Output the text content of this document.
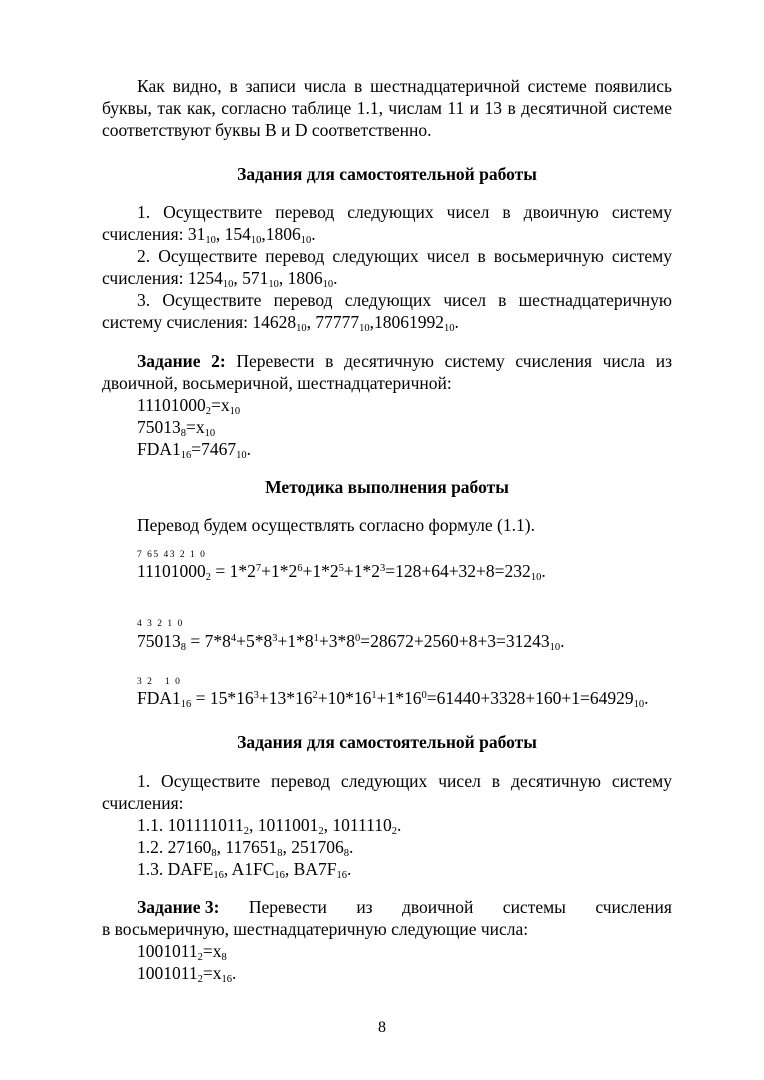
Как видно, в записи числа в шестнадцатеричной системе появились

буквы, так как, согласно таблице 1.1, числам 11 и 13 в десятичной системе

соответствуют буквы B и D соответственно.

Задания для самостоятельной работы

1. Осуществите перевод следующих чисел в двоичную систему

счисления: $31_{10}$, $154_{10},1806_{10}$.

2. Осуществите перевод следующих чисел в восьмеричную систему

счисления: $1254_{10}$, $571_{10}$, $1806_{10}$.

3. Осуществите перевод следующих чисел в шестнадцатеричную

систему счисления: $14628_{10}$, $77777_{10},18061992_{10}$.

Задание 2: Перевести в десятичную систему счисления числа из

двоичной, восьмеричной, шестнадцатеричной:

$11101000_2=x_{10}$

$75013_8=x_{10}$

$FDA1_{16}=7467_{10}$.

Методика выполнения работы

Перевод будем осуществлять согласно формуле (1.1).

7 65 43 2 1 0

$11101000_2 = 1*2^7+1*2^6+1*2^5+1*2^3=128+64+32+8=232_{10}$.

4 3 2 1 0

$75013_8 = 7*8^4+5*8^3+1*8^1+3*8^0=28672+2560+8+3=31243_{10}$.

3 2   1 0

$FDA1_{16} = 15*16^3+13*16^2+10*16^1+1*16^0=61440+3328+160+1=64929_{10}$.

Задания для самостоятельной работы

1. Осуществите перевод следующих чисел в десятичную систему

счисления:

1.1. $101111011_2$, $1011001_2$, $1011110_2$.

1.2. $27160_8$, $117651_8$, $251706_8$.

1.3. $DAFE_{16}$, $A1FC_{16}$, $BA7F_{16}$.

Задание 3: Перевести из двоичной системы счисления

в восьмеричную, шестнадцатеричную следующие числа:

$1001011_2=x_8$

$1001011_2=x_{16}$.

8
